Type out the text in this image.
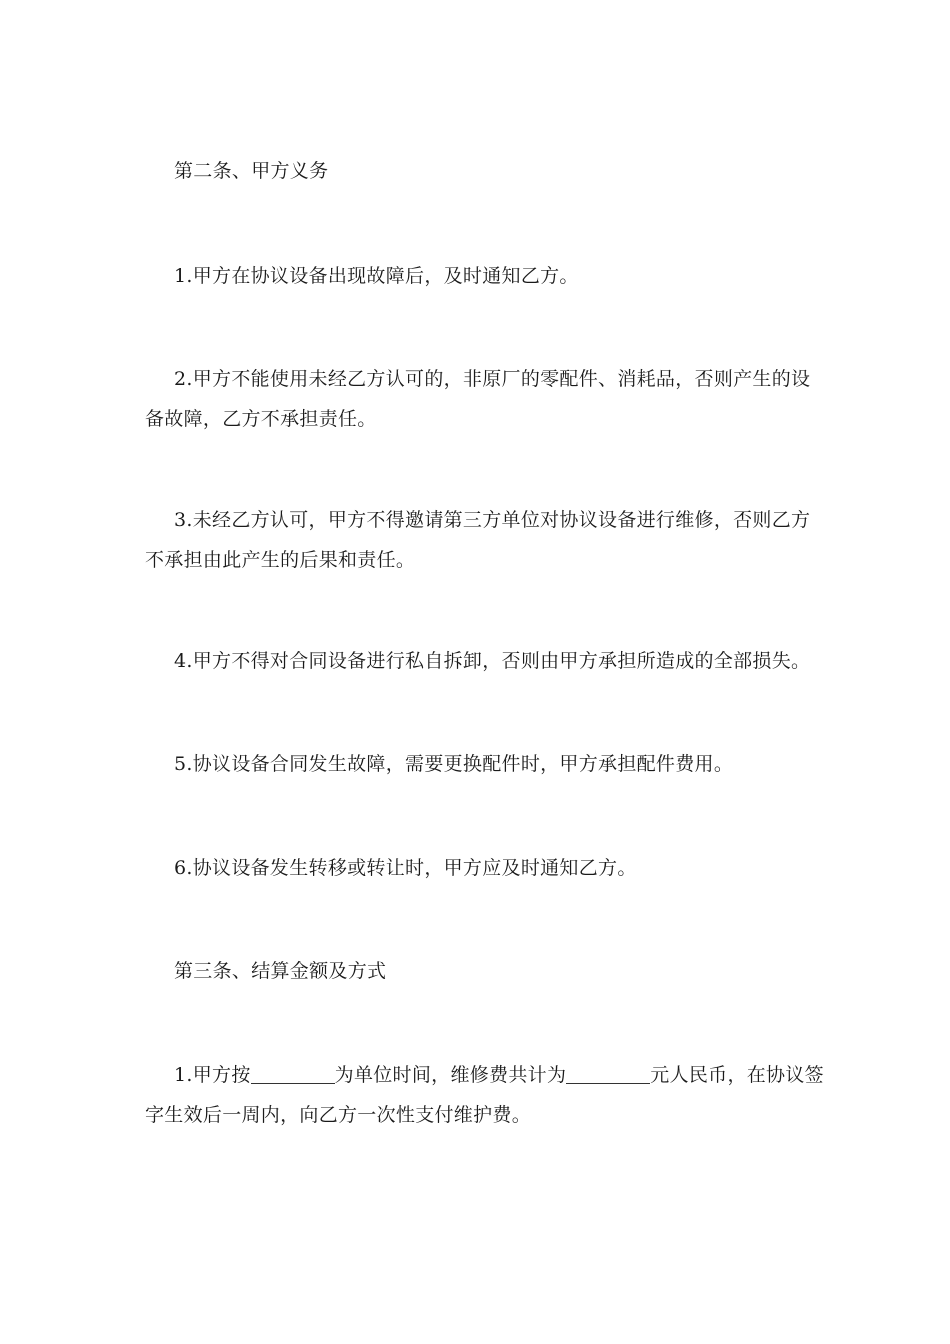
第二条、甲方义务
1.甲方在协议设备出现故障后，及时通知乙方。
2.甲方不能使用未经乙方认可的，非原厂的零配件、消耗品，否则产生的设备故障，乙方不承担责任。
3.未经乙方认可，甲方不得邀请第三方单位对协议设备进行维修，否则乙方不承担由此产生的后果和责任。
4.甲方不得对合同设备进行私自拆卸，否则由甲方承担所造成的全部损失。
5.协议设备合同发生故障，需要更换配件时，甲方承担配件费用。
6.协议设备发生转移或转让时，甲方应及时通知乙方。
第三条、结算金额及方式
1.甲方按	为单位时间，维修费共计为	元人民币，在协议签字生效后一周内，向乙方一次性支付维护费。
